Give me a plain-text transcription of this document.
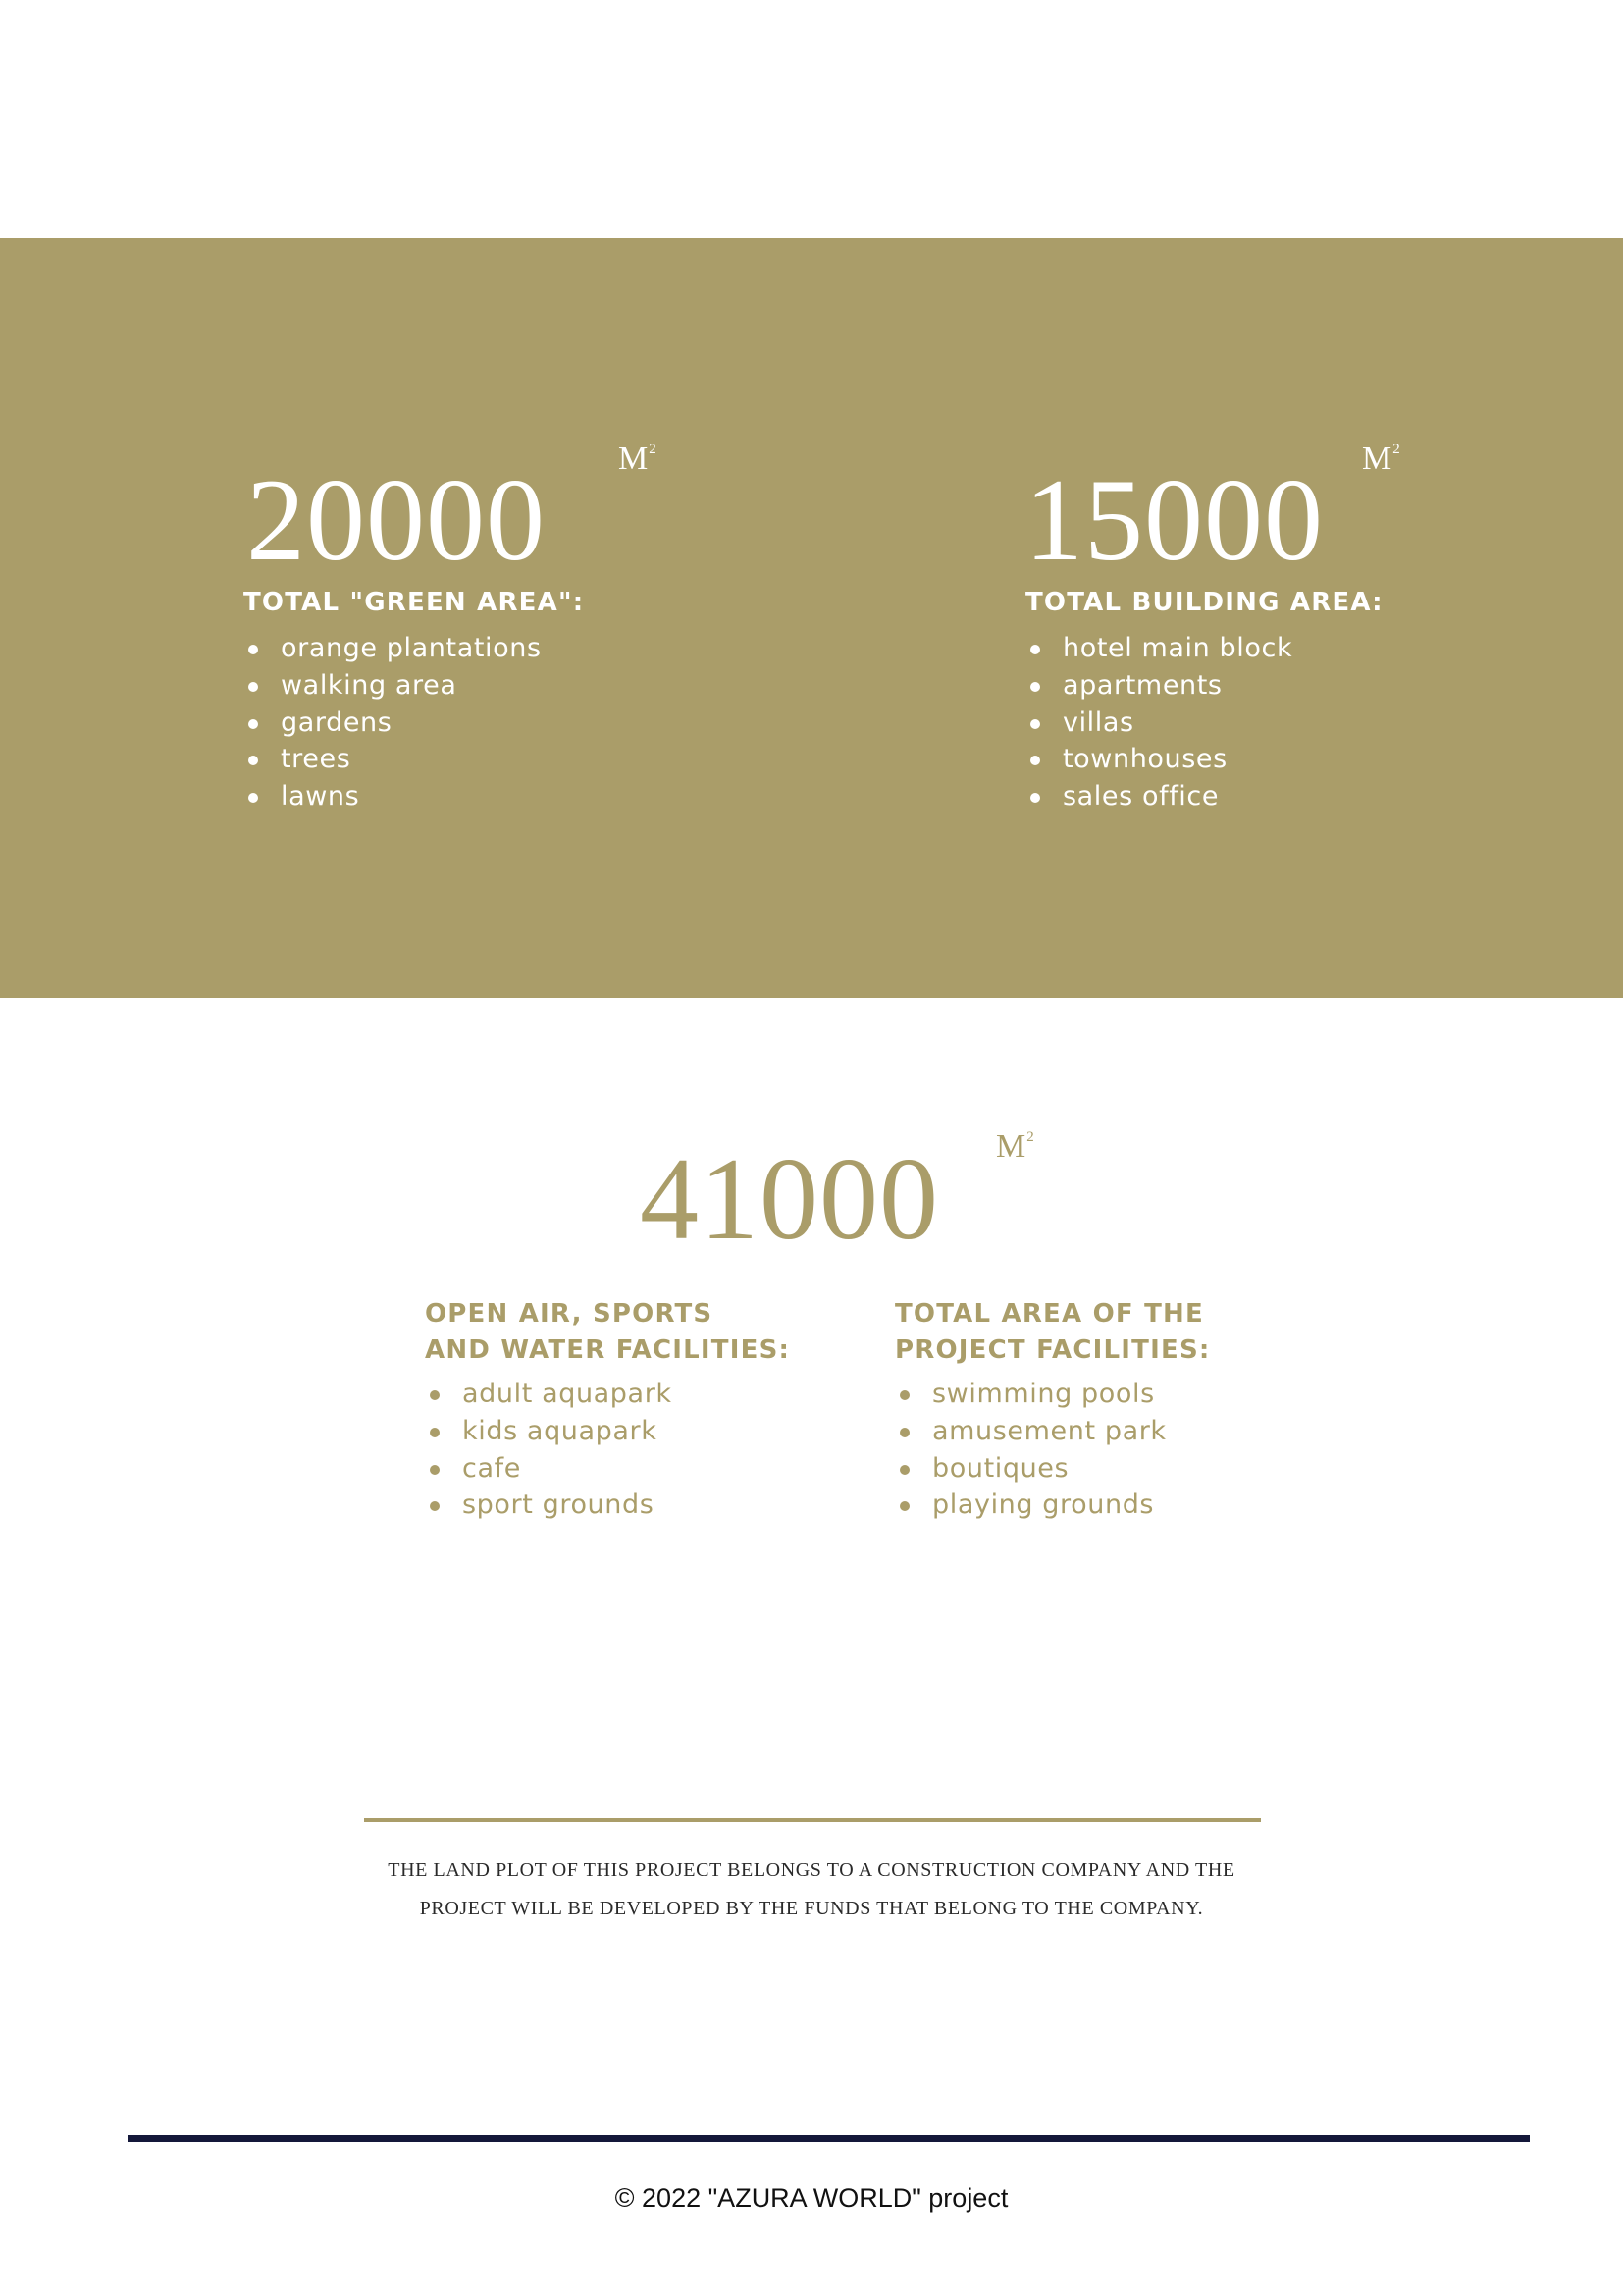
20000 $M^2$
TOTAL "GREEN AREA":
orange plantations
walking area
gardens
trees
lawns
15000 $M^2$
TOTAL BUILDING AREA:
hotel main block
apartments
villas
townhouses
sales office
41000 $M^2$
OPEN AIR, SPORTS
AND WATER FACILITIES:
adult aquapark
kids aquapark
cafe
sport grounds
TOTAL AREA OF THE
PROJECT FACILITIES:
swimming pools
amusement park
boutiques
playing grounds
THE LAND PLOT OF THIS PROJECT BELONGS TO A CONSTRUCTION COMPANY AND THE
PROJECT WILL BE DEVELOPED BY THE FUNDS THAT BELONG TO THE COMPANY.
© 2022 "AZURA WORLD" project
